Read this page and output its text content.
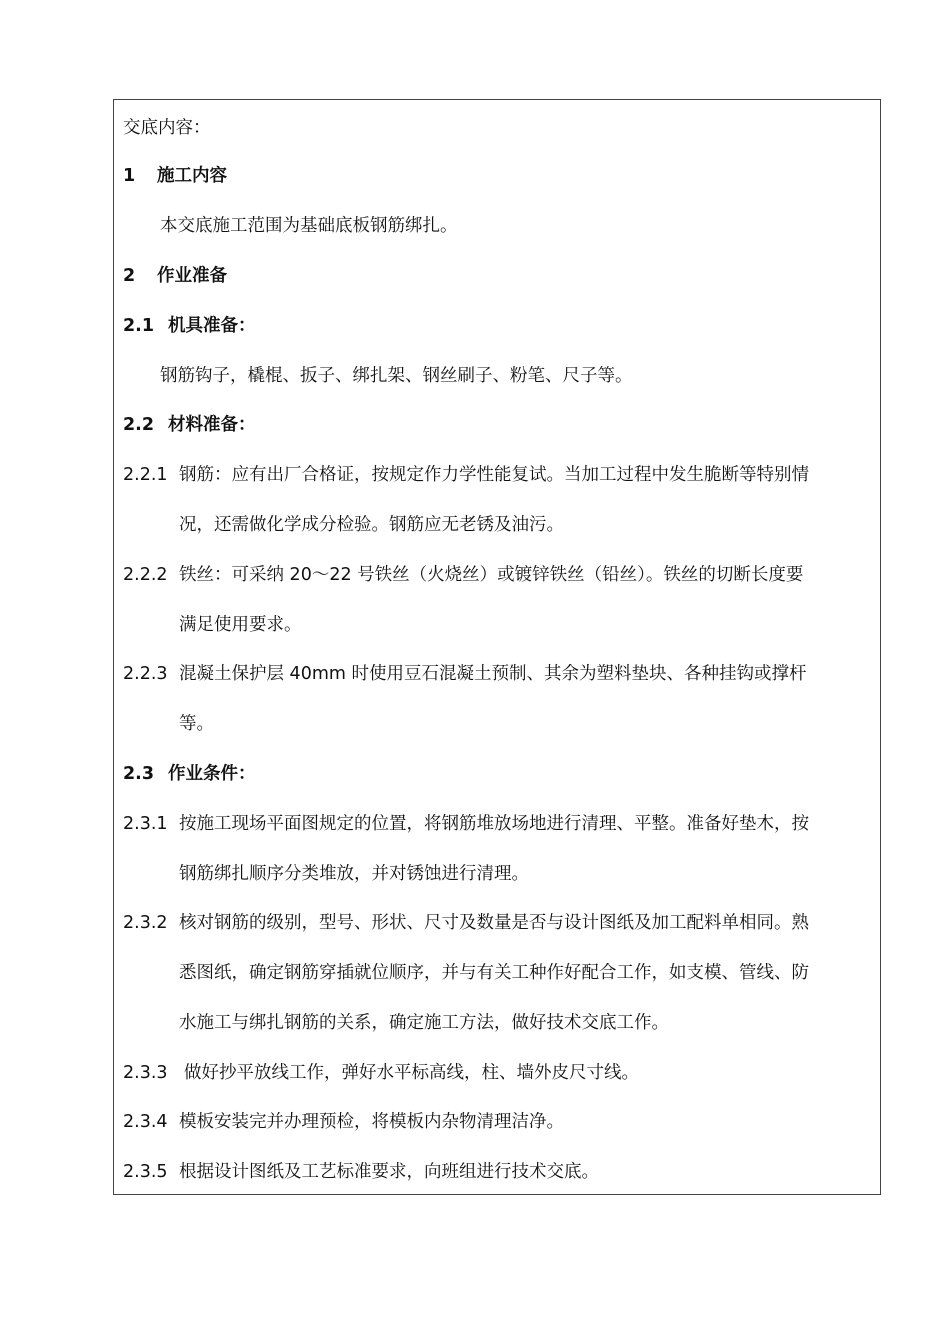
交底内容：
1 施工内容
本交底施工范围为基础底板钢筋绑扎。
2 作业准备
2.1 机具准备：
钢筋钩子，橇棍、扳子、绑扎架、钢丝刷子、粉笔、尺子等。
2.2 材料准备：
2.2.1 钢筋：应有出厂合格证，按规定作力学性能复试。当加工过程中发生脆断等特别情
况，还需做化学成分检验。钢筋应无老锈及油污。
2.2.2 铁丝：可采纳 20～22 号铁丝（火烧丝）或镀锌铁丝（铅丝）。铁丝的切断长度要
满足使用要求。
2.2.3 混凝土保护层 40mm 时使用豆石混凝土预制、其余为塑料垫块、各种挂钩或撑杆
等。
2.3 作业条件：
2.3.1 按施工现场平面图规定的位置，将钢筋堆放场地进行清理、平整。准备好垫木，按
钢筋绑扎顺序分类堆放，并对锈蚀进行清理。
2.3.2 核对钢筋的级别，型号、形状、尺寸及数量是否与设计图纸及加工配料单相同。熟
悉图纸，确定钢筋穿插就位顺序，并与有关工种作好配合工作，如支模、管线、防
水施工与绑扎钢筋的关系，确定施工方法，做好技术交底工作。
2.3.3 做好抄平放线工作，弹好水平标高线，柱、墙外皮尺寸线。
2.3.4 模板安装完并办理预检，将模板内杂物清理洁净。
2.3.5 根据设计图纸及工艺标准要求，向班组进行技术交底。
